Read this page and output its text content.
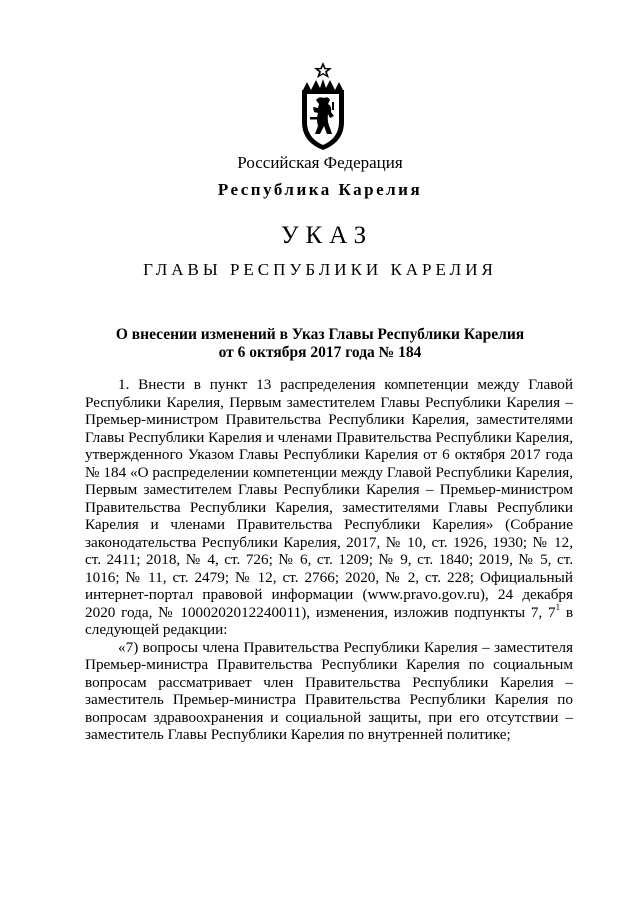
Российская Федерация
Республика Карелия
УКАЗ
ГЛАВЫ РЕСПУБЛИКИ КАРЕЛИЯ
О внесении изменений в Указ Главы Республики Карелия
от 6 октября 2017 года № 184

1. Внести в пункт 13 распределения компетенции между Главой Республики Карелия, Первым заместителем Главы Республики Карелия – Премьер-министром Правительства Республики Карелия, заместителями Главы Республики Карелия и членами Правительства Республики Карелия, утвержденного Указом Главы Республики Карелия от 6 октября 2017 года № 184 «О распределении компетенции между Главой Республики Карелия, Первым заместителем Главы Республики Карелия – Премьер-министром Правительства Республики Карелия, заместителями Главы Республики Карелия и членами Правительства Республики Карелия» (Собрание законодательства Республики Карелия, 2017, № 10, ст. 1926, 1930; № 12, ст. 2411; 2018, № 4, ст. 726; № 6, ст. 1209; № 9, ст. 1840; 2019, № 5, ст. 1016; № 11, ст. 2479; № 12, ст. 2766; 2020, № 2, ст. 228; Официальный интернет-портал правовой информации (www.pravo.gov.ru), 24 декабря 2020 года, № 1000202012240011), изменения, изложив подпункты 7, $7^1$ в следующей редакции:

«7) вопросы члена Правительства Республики Карелия – заместителя Премьер-министра Правительства Республики Карелия по социальным вопросам рассматривает член Правительства Республики Карелия – заместитель Премьер-министра Правительства Республики Карелия по вопросам здравоохранения и социальной защиты, при его отсутствии – заместитель Главы Республики Карелия по внутренней политике;
